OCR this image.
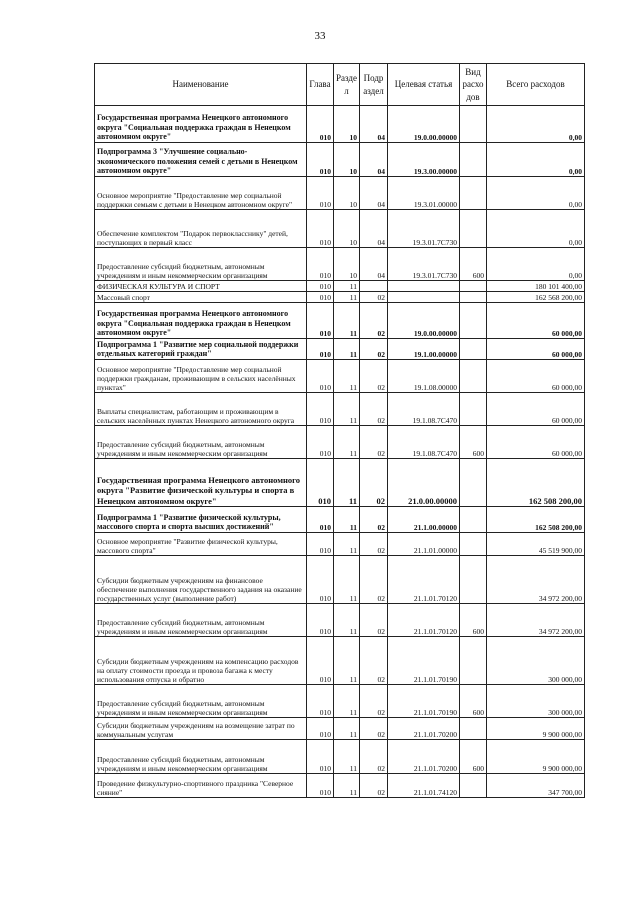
33
Наименование	Глава	Разде л	Подр аздел	Целевая статья	Вид расхо дов	Всего расходов
Государственная программа Ненецкого автономного округа "Социальная поддержка граждан в Ненецком автономном округе"	010	10	04	19.0.00.00000		0,00
Подпрограмма 3 "Улучшение социально-экономического положения семей с детьми в Ненецком автономном округе"	010	10	04	19.3.00.00000		0,00
Основное мероприятие "Предоставление мер социальной поддержки семьям с детьми в Ненецком автономном округе"	010	10	04	19.3.01.00000		0,00
Обеспечение комплектом "Подарок первокласснику" детей, поступающих в первый класс	010	10	04	19.3.01.7С730		0,00
Предоставление субсидий бюджетным, автономным учреждениям и иным некоммерческим организациям	010	10	04	19.3.01.7С730	600	0,00
ФИЗИЧЕСКАЯ КУЛЬТУРА И СПОРТ	010	11				180 101 400,00
Массовый спорт	010	11	02			162 568 200,00
Государственная программа Ненецкого автономного округа "Социальная поддержка граждан в Ненецком автономном округе"	010	11	02	19.0.00.00000		60 000,00
Подпрограмма 1 "Развитие мер социальной поддержки отдельных категорий граждан"	010	11	02	19.1.00.00000		60 000,00
Основное мероприятие "Предоставление мер социальной поддержки гражданам, проживающим в сельских населённых пунктах"	010	11	02	19.1.08.00000		60 000,00
Выплаты специалистам, работающим и проживающим в сельских населённых пунктах Ненецкого автономного округа	010	11	02	19.1.08.7С470		60 000,00
Предоставление субсидий бюджетным, автономным учреждениям и иным некоммерческим организациям	010	11	02	19.1.08.7С470	600	60 000,00
Государственная программа Ненецкого автономного округа "Развитие физической культуры и спорта в Ненецком автономном округе"	010	11	02	21.0.00.00000		162 508 200,00
Подпрограмма 1 "Развитие физической культуры, массового спорта и спорта высших достижений"	010	11	02	21.1.00.00000		162 508 200,00
Основное мероприятие "Развитие физической культуры, массового спорта"	010	11	02	21.1.01.00000		45 519 900,00
Субсидии бюджетным учреждениям на финансовое обеспечение выполнения государственного задания на оказание государственных услуг (выполнение работ)	010	11	02	21.1.01.70120		34 972 200,00
Предоставление субсидий бюджетным, автономным учреждениям и иным некоммерческим организациям	010	11	02	21.1.01.70120	600	34 972 200,00
Субсидии бюджетным учреждениям на компенсацию расходов на оплату стоимости проезда и провоза багажа к месту использования отпуска и обратно	010	11	02	21.1.01.70190		300 000,00
Предоставление субсидий бюджетным, автономным учреждениям и иным некоммерческим организациям	010	11	02	21.1.01.70190	600	300 000,00
Субсидии бюджетным учреждениям на возмещение затрат по коммунальным услугам	010	11	02	21.1.01.70200		9 900 000,00
Предоставление субсидий бюджетным, автономным учреждениям и иным некоммерческим организациям	010	11	02	21.1.01.70200	600	9 900 000,00
Проведение физкультурно-спортивного праздника "Северное сияние"	010	11	02	21.1.01.74120		347 700,00
